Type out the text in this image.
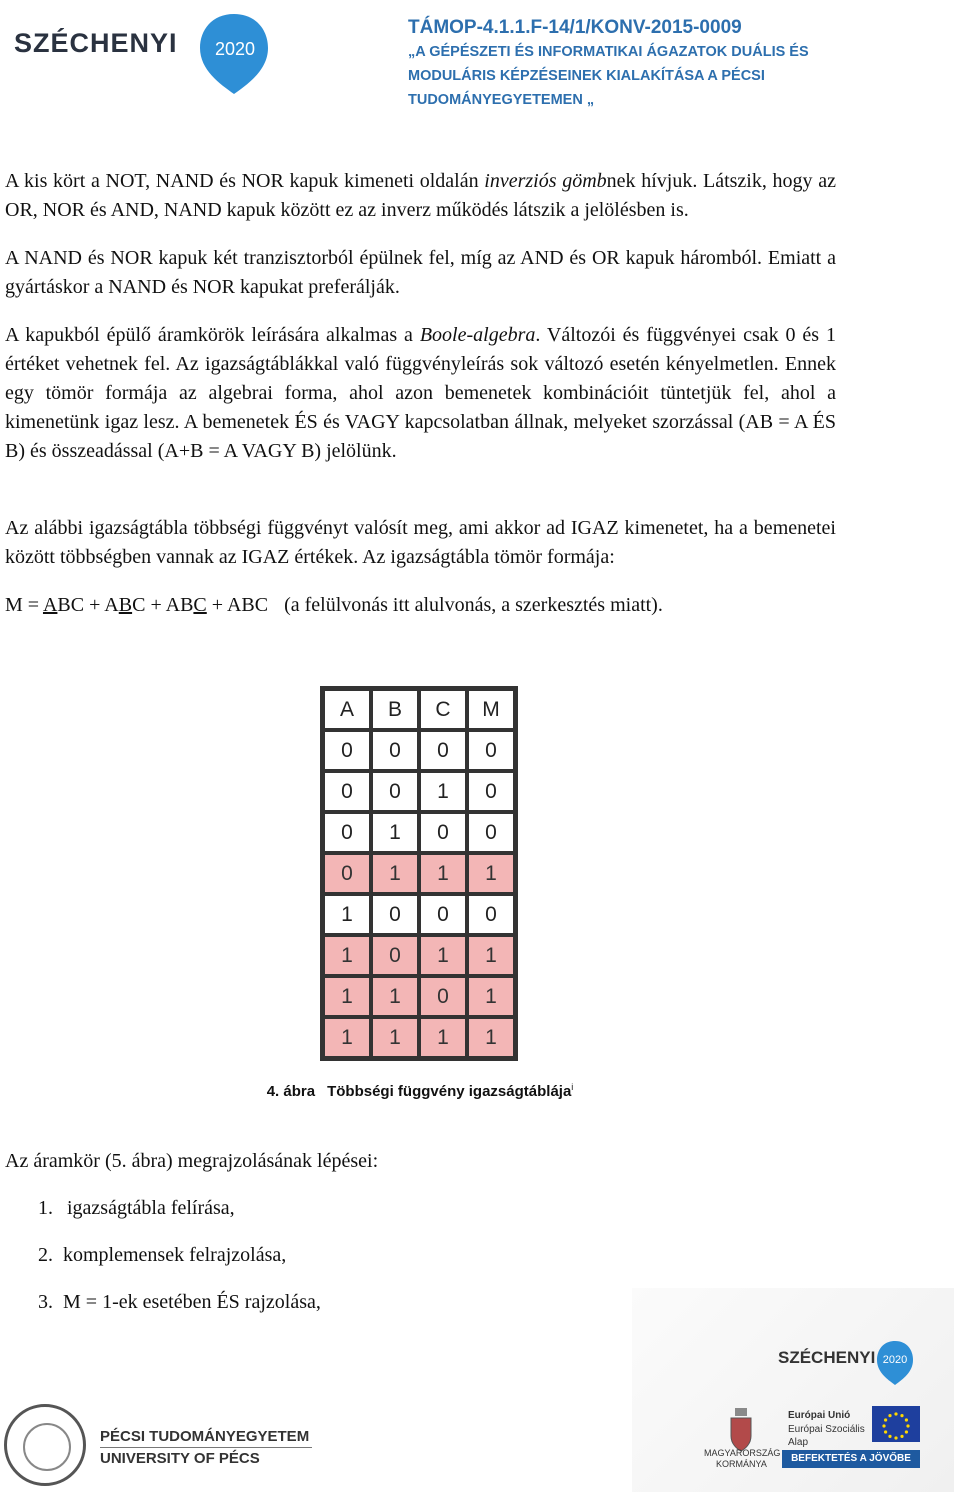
SZÉCHENYI	2020
TÁMOP-4.1.1.F-14/1/KONV-2015-0009
„A GÉPÉSZETI ÉS INFORMATIKAI ÁGAZATOK DUÁLIS ÉS
MODULÁRIS KÉPZÉSEINEK KIALAKÍTÁSA A PÉCSI
TUDOMÁNYEGYETEMEN „

A kis kört a NOT, NAND és NOR kapuk kimeneti oldalán inverziós gömbnek hívjuk. Látszik, hogy az OR, NOR és AND, NAND kapuk között ez az inverz működés látszik a jelölésben is.

A NAND és NOR kapuk két tranzisztorból épülnek fel, míg az AND és OR kapuk háromból. Emiatt a gyártáskor a NAND és NOR kapukat preferálják.

A kapukból épülő áramkörök leírására alkalmas a Boole-algebra. Változói és függvényei csak 0 és 1 értéket vehetnek fel. Az igazságtáblákkal való függvényleírás sok változó esetén kényelmetlen. Ennek egy tömör formája az algebrai forma, ahol azon bemenetek kombinációit tüntetjük fel, ahol a kimenetünk igaz lesz. A bemenetek ÉS és VAGY kapcsolatban állnak, melyeket szorzással (AB = A ÉS B) és összeadással (A+B = A VAGY B) jelölünk.

Az alábbi igazságtábla többségi függvényt valósít meg, ami akkor ad IGAZ kimenetet, ha a bemenetei között többségben vannak az IGAZ értékek. Az igazságtábla tömör formája:

M = ABC + ABC + ABC + ABC (a felülvonás itt alulvonás, a szerkesztés miatt).

A	B	C	M
0	0	0	0
0	0	1	0
0	1	0	0
0	1	1	1
1	0	0	0
1	0	1	1
1	1	0	1
1	1	1	1
4. ábra Többségi függvény igazságtáblája$^i$
Az áramkör (5. ábra) megrajzolásának lépései:
1. igazságtábla felírása,
2. komplemensek felrajzolása,
3. M = 1-ek esetében ÉS rajzolása,
PÉCSI TUDOMÁNYEGYETEM
UNIVERSITY OF PÉCS
SZÉCHENYI 2020
MAGYARORSZÁG
KORMÁNYA
Európai Unió
Európai Szociális
Alap
BEFEKTETÉS A JÖVŐBE
